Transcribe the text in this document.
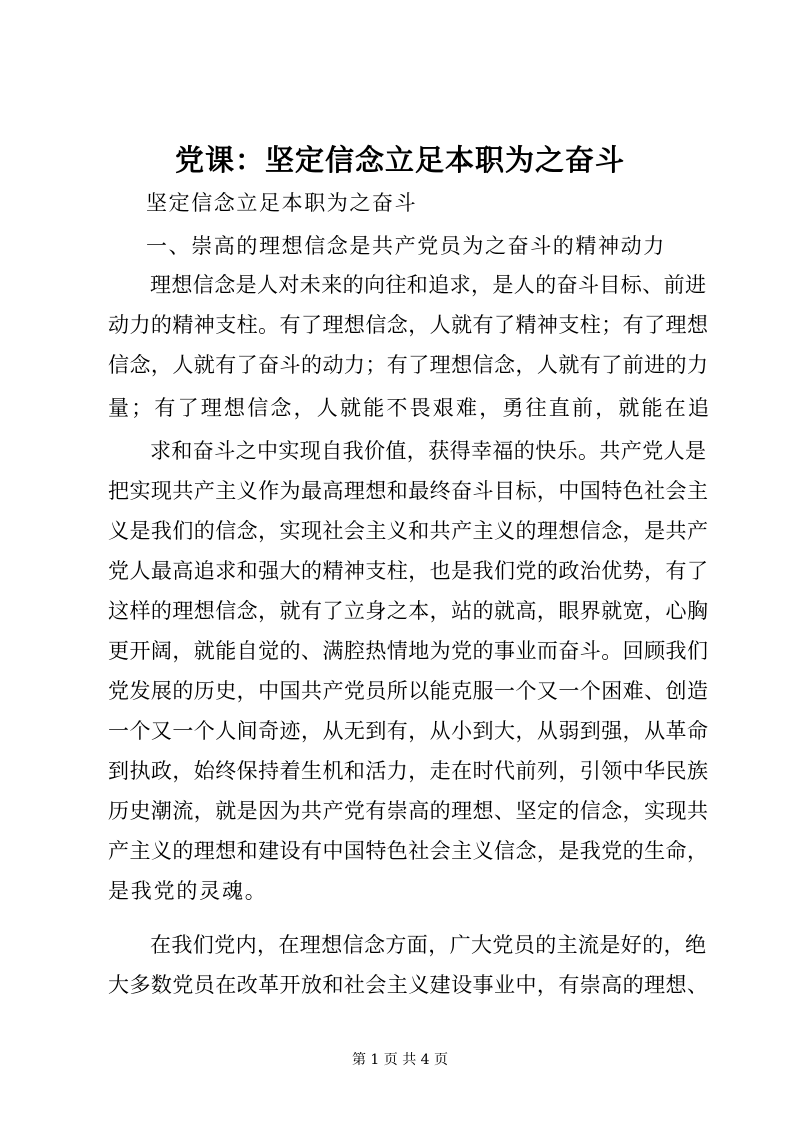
党课：坚定信念立足本职为之奋斗
坚定信念立足本职为之奋斗
一、崇高的理想信念是共产党员为之奋斗的精神动力
理想信念是人对未来的向往和追求，是人的奋斗目标、前进
动力的精神支柱。有了理想信念，人就有了精神支柱；有了理想
信念，人就有了奋斗的动力；有了理想信念，人就有了前进的力
量；有了理想信念，人就能不畏艰难，勇往直前，就能在追
求和奋斗之中实现自我价值，获得幸福的快乐。共产党人是
把实现共产主义作为最高理想和最终奋斗目标，中国特色社会主
义是我们的信念，实现社会主义和共产主义的理想信念，是共产
党人最高追求和强大的精神支柱，也是我们党的政治优势，有了
这样的理想信念，就有了立身之本，站的就高，眼界就宽，心胸
更开阔，就能自觉的、满腔热情地为党的事业而奋斗。回顾我们
党发展的历史，中国共产党员所以能克服一个又一个困难、创造
一个又一个人间奇迹，从无到有，从小到大，从弱到强，从革命
到执政，始终保持着生机和活力，走在时代前列，引领中华民族
历史潮流，就是因为共产党有崇高的理想、坚定的信念，实现共
产主义的理想和建设有中国特色社会主义信念，是我党的生命，
是我党的灵魂。
在我们党内，在理想信念方面，广大党员的主流是好的，绝
大多数党员在改革开放和社会主义建设事业中，有崇高的理想、
第 1 页 共 4 页
